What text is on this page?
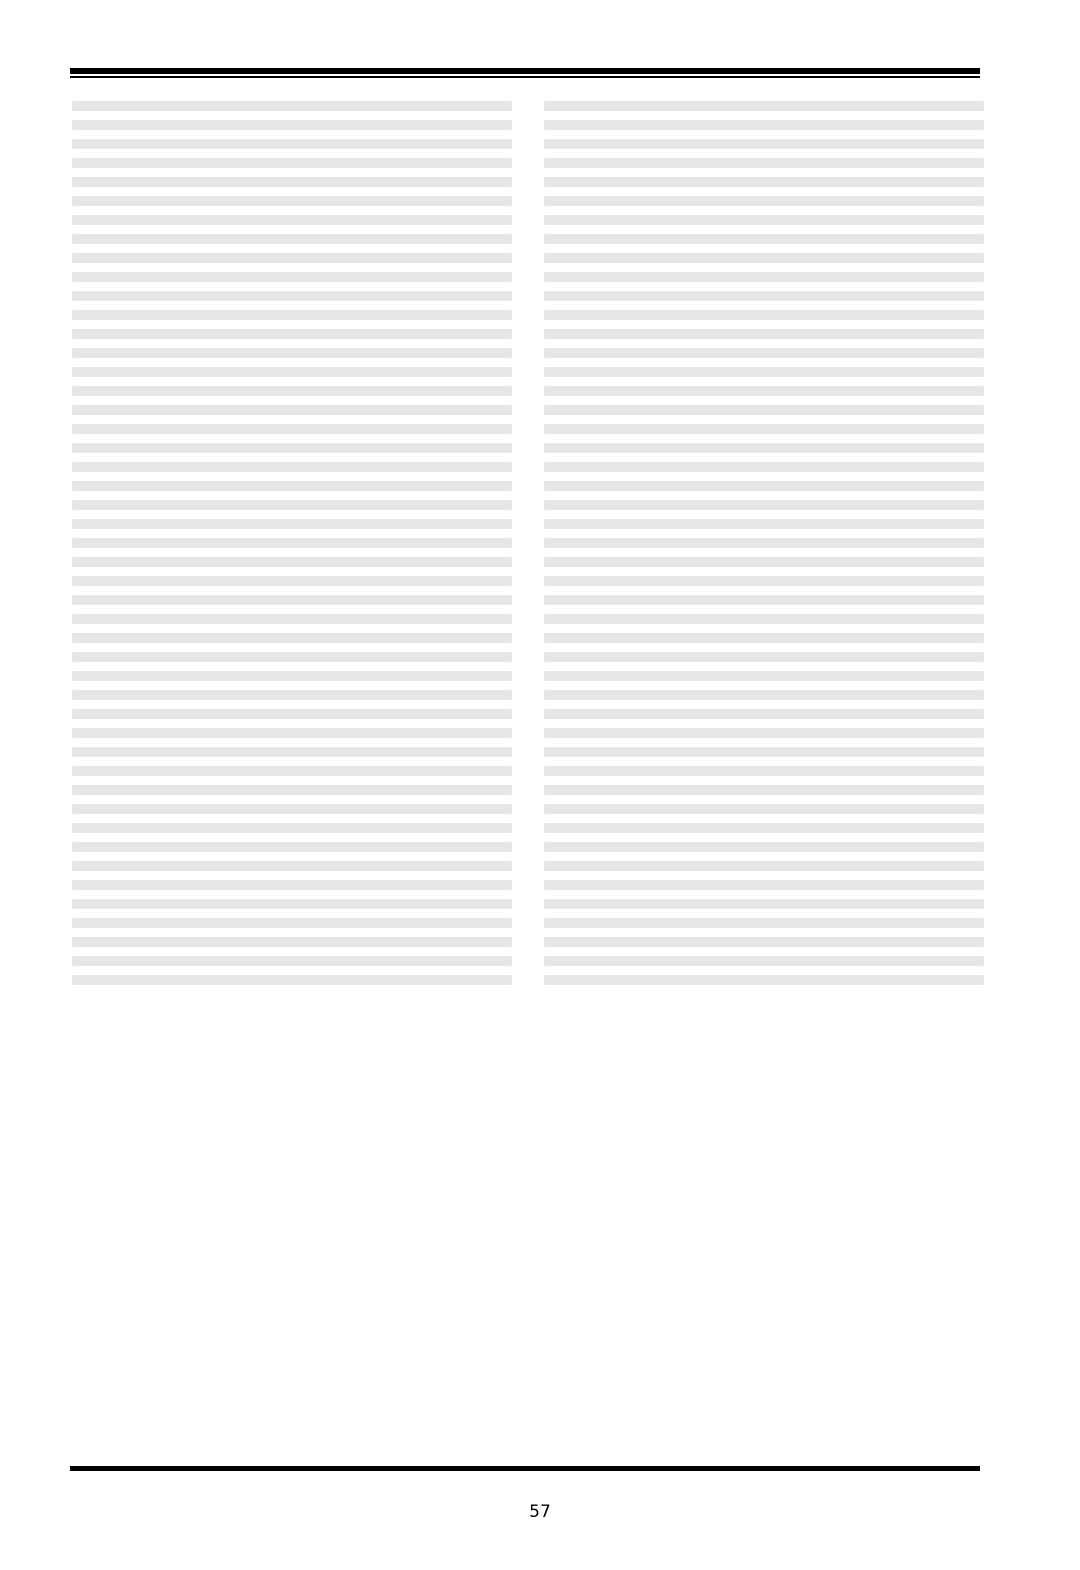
57
